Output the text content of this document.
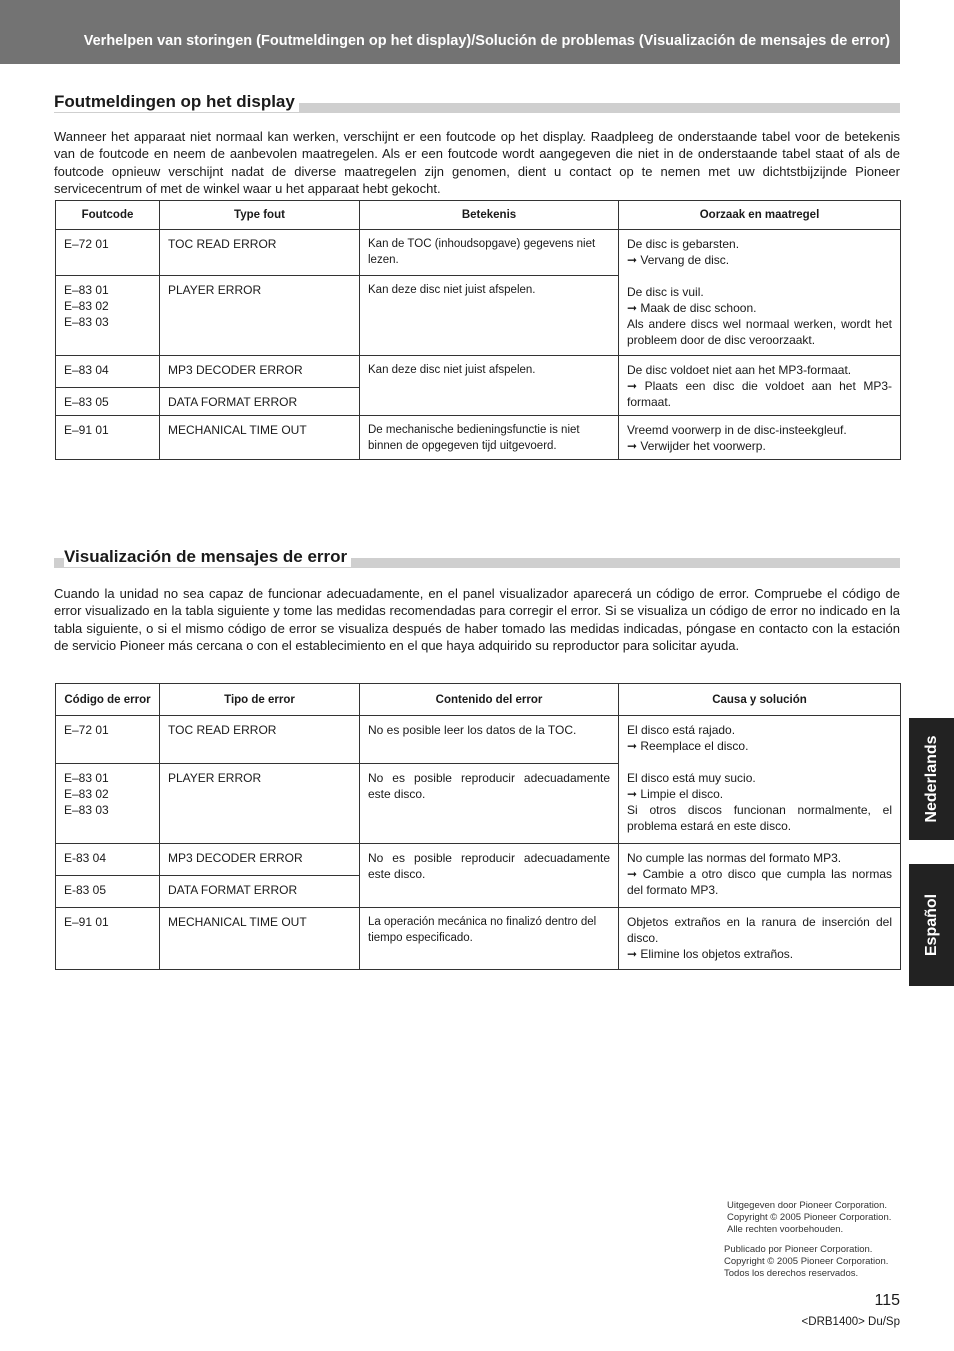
Verhelpen van storingen (Foutmeldingen op het display)/Solución de problemas (Visualización de mensajes de error)
Foutmeldingen op het display

Wanneer het apparaat niet normaal kan werken, verschijnt er een foutcode op het display. Raadpleeg de onderstaande tabel voor de betekenis van de foutcode en neem de aanbevolen maatregelen. Als er een foutcode wordt aangegeven die niet in de onderstaande tabel staat of als de foutcode opnieuw verschijnt nadat de diverse maatregelen zijn genomen, dient u contact op te nemen met uw dichtstbijzijnde Pioneer servicecentrum of met de winkel waar u het apparaat hebt gekocht.

Foutcode	Type fout	Betekenis	Oorzaak en maatregel
E–72 01	TOC READ ERROR	Kan de TOC (inhoudsopgave) gegevens niet lezen.	De disc is gebarsten.
➞ Vervang de disc.
De disc is vuil.
➞ Maak de disc schoon.
Als andere discs wel normaal werken, wordt het probleem door de disc veroorzaakt.

E–83 01
E–83 02
E–83 03	PLAYER ERROR	Kan deze disc niet juist afspelen.	
E–83 04	MP3 DECODER ERROR	Kan deze disc niet juist afspelen.	De disc voldoet niet aan het MP3-formaat.
➞ Plaats een disc die voldoet aan het MP3-formaat.

E–83 05	DATA FORMAT ERROR		
E–91 01	MECHANICAL TIME OUT	De mechanische bedieningsfunctie is niet binnen de opgegeven tijd uitgevoerd.	Vreemd voorwerp in de disc-insteekgleuf.
➞ Verwijder het voorwerp.
Visualización de mensajes de error

Cuando la unidad no sea capaz de funcionar adecuadamente, en el panel visualizador aparecerá un código de error. Compruebe el código de error visualizado en la tabla siguiente y tome las medidas recomendadas para corregir el error. Si se visualiza un código de error no indicado en la tabla siguiente, o si el mismo código de error se visualiza después de haber tomado las medidas indicadas, póngase en contacto con la estación de servicio Pioneer más cercana o con el establecimiento en el que haya adquirido su reproductor para solicitar ayuda.

Código de error	Tipo de error	Contenido del error	Causa y solución
E–72 01	TOC READ ERROR	No es posible leer los datos de la TOC.	El disco está rajado.
➞ Reemplace el disco.
El disco está muy sucio.
➞ Limpie el disco.
Si otros discos funcionan normalmente, el problema estará en este disco.

E–83 01
E–83 02
E–83 03	PLAYER ERROR	No es posible reproducir adecuadamente este disco.	
E-83 04	MP3 DECODER ERROR	No es posible reproducir adecuadamente este disco.	No cumple las normas del formato MP3.
➞ Cambie a otro disco que cumpla las normas del formato MP3.

E-83 05	DATA FORMAT ERROR		
E–91 01	MECHANICAL TIME OUT	La operación mecánica no finalizó dentro del tiempo especificado.	Objetos extraños en la ranura de inserción del disco.
➞ Elimine los objetos extraños.
Nederlands
Español
Uitgegeven door Pioneer Corporation.
Copyright © 2005 Pioneer Corporation.
Alle rechten voorbehouden.
Publicado por Pioneer Corporation.
Copyright © 2005 Pioneer Corporation.
Todos los derechos reservados.
115
<DRB1400> Du/Sp
